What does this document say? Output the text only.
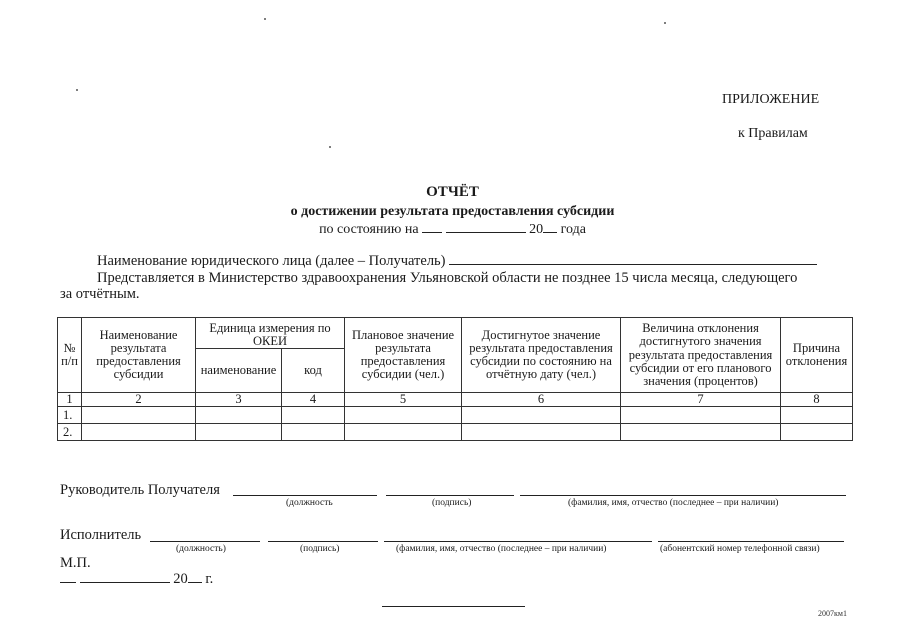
ПРИЛОЖЕНИЕ
к Правилам
ОТЧЁТ
о достижении результата предоставления субсидии
по состоянию на	20 года
Наименование юридического лица (далее – Получатель)
Представляется в Министерство здравоохранения Ульяновской области не позднее 15 числа месяца, следующего
за отчётным.
№ п/п	Наименование результата предоставления субсидии	Единица измерения по ОКЕИ		Плановое значение результата предоставления субсидии (чел.)	Достигнутое значение результата предоставления субсидии по состоянию на отчётную дату (чел.)	Величина отклонения достигнутого значения результата предоставления субсидии от его планового значения (процентов)	Причина отклонения
		наименование	код				
1	2	3	4	5	6	7	8
1.							
2.							
Руководитель Получателя
(должность	(подпись)	(фамилия, имя, отчество (последнее – при наличии)
Исполнитель
(должность)	(подпись)	(фамилия, имя, отчество (последнее – при наличии)	(абонентский номер телефонной связи)
М.П.
20 г.
2007км1
